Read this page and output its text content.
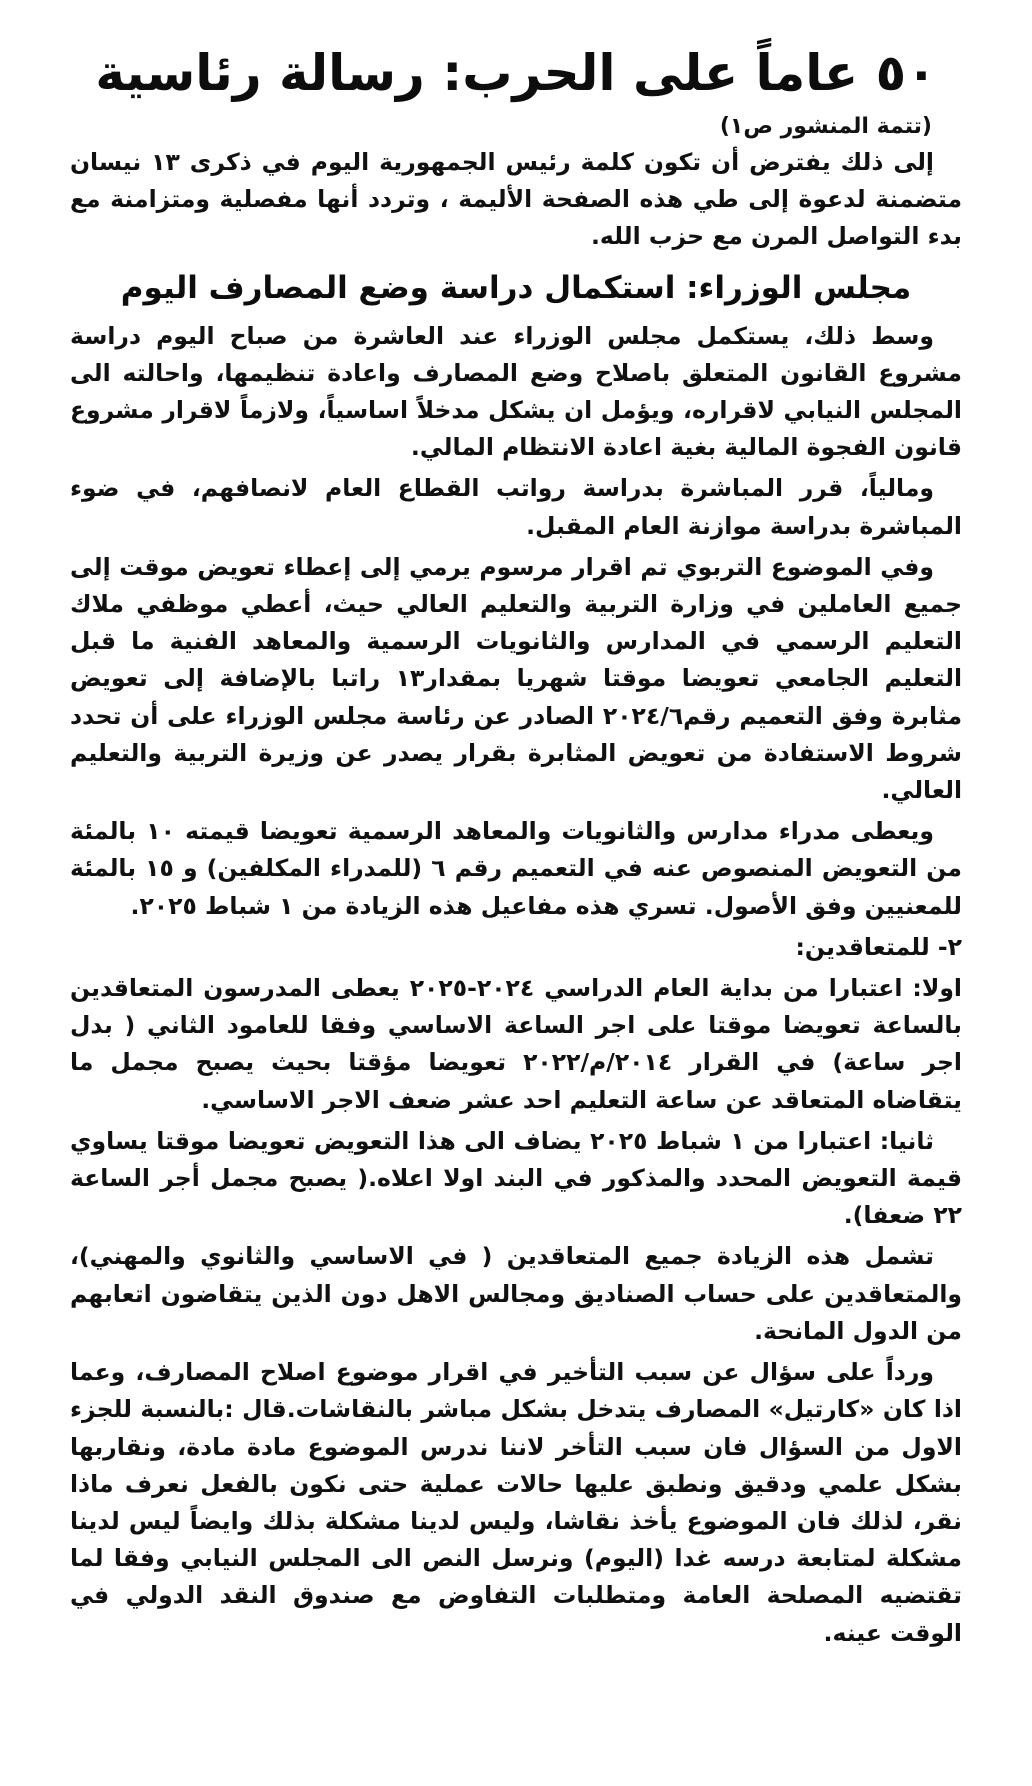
٥٠ عاماً على الحرب: رسالة رئاسية
(تتمة المنشور ص١)

إلى ذلك يفترض أن تكون كلمة رئيس الجمهورية اليوم في ذكرى ١٣ نيسان متضمنة لدعوة إلى طي هذه الصفحة الأليمة ، وتردد أنها مفصلية ومتزامنة مع بدء التواصل المرن مع حزب الله.

مجلس الوزراء: استكمال دراسة وضع المصارف اليوم

وسط ذلك، يستكمل مجلس الوزراء عند العاشرة من صباح اليوم دراسة مشروع القانون المتعلق باصلاح وضع المصارف واعادة تنظيمها، واحالته الى المجلس النيابي لاقراره، ويؤمل ان يشكل مدخلاً اساسياً، ولازماً لاقرار مشروع قانون الفجوة المالية بغية اعادة الانتظام المالي.

ومالياً، قرر المباشرة بدراسة رواتب القطاع العام لانصافهم، في ضوء المباشرة بدراسة موازنة العام المقبل.

وفي الموضوع التربوي تم اقرار مرسوم يرمي إلى إعطاء تعويض موقت إلى جميع العاملين في وزارة التربية والتعليم العالي حيث، أعطي موظفي ملاك التعليم الرسمي في المدارس والثانويات الرسمية والمعاهد الفنية ما قبل التعليم الجامعي تعويضا موقتا شهريا بمقدار١٣ راتبا بالإضافة إلى تعويض مثابرة وفق التعميم رقم٢٠٢٤/٦ الصادر عن رئاسة مجلس الوزراء على أن تحدد شروط الاستفادة من تعويض المثابرة بقرار يصدر عن وزيرة التربية والتعليم العالي.

ويعطى مدراء مدارس والثانويات والمعاهد الرسمية تعويضا قيمته ١٠ بالمئة من التعويض المنصوص عنه في التعميم رقم ٦ (للمدراء المكلفين) و ١٥ بالمئة للمعنيين وفق الأصول. تسري هذه مفاعيل هذه الزيادة من ١ شباط ٢٠٢٥.

٢- للمتعاقدين:

اولا: اعتبارا من بداية العام الدراسي ٢٠٢٤-٢٠٢٥ يعطى المدرسون المتعاقدين بالساعة تعويضا موقتا على اجر الساعة الاساسي وفقا للعامود الثاني ( بدل اجر ساعة) في القرار ٢٠١٤/م/٢٠٢٢ تعويضا مؤقتا بحيث يصبح مجمل ما يتقاضاه المتعاقد عن ساعة التعليم احد عشر ضعف الاجر الاساسي.

ثانيا: اعتبارا من ١ شباط ٢٠٢٥ يضاف الى هذا التعويض تعويضا موقتا يساوي قيمة التعويض المحدد والمذكور في البند اولا اعلاه.( يصبح مجمل أجر الساعة ٢٢ ضعفا).

تشمل هذه الزيادة جميع المتعاقدين ( في الاساسي والثانوي والمهني)، والمتعاقدين على حساب الصناديق ومجالس الاهل دون الذين يتقاضون اتعابهم من الدول المانحة.

ورداً على سؤال عن سبب التأخير في اقرار موضوع اصلاح المصارف، وعما اذا كان «كارتيل» المصارف يتدخل بشكل مباشر بالنقاشات.قال :بالنسبة للجزء الاول من السؤال فان سبب التأخر لاننا ندرس الموضوع مادة مادة، ونقاربها بشكل علمي ودقيق ونطبق عليها حالات عملية حتى نكون بالفعل نعرف ماذا نقر، لذلك فان الموضوع يأخذ نقاشا، وليس لدينا مشكلة بذلك وايضاً ليس لدينا مشكلة لمتابعة درسه غدا (اليوم) ونرسل النص الى المجلس النيابي وفقا لما تقتضيه المصلحة العامة ومتطلبات التفاوض مع صندوق النقد الدولي في الوقت عينه.
